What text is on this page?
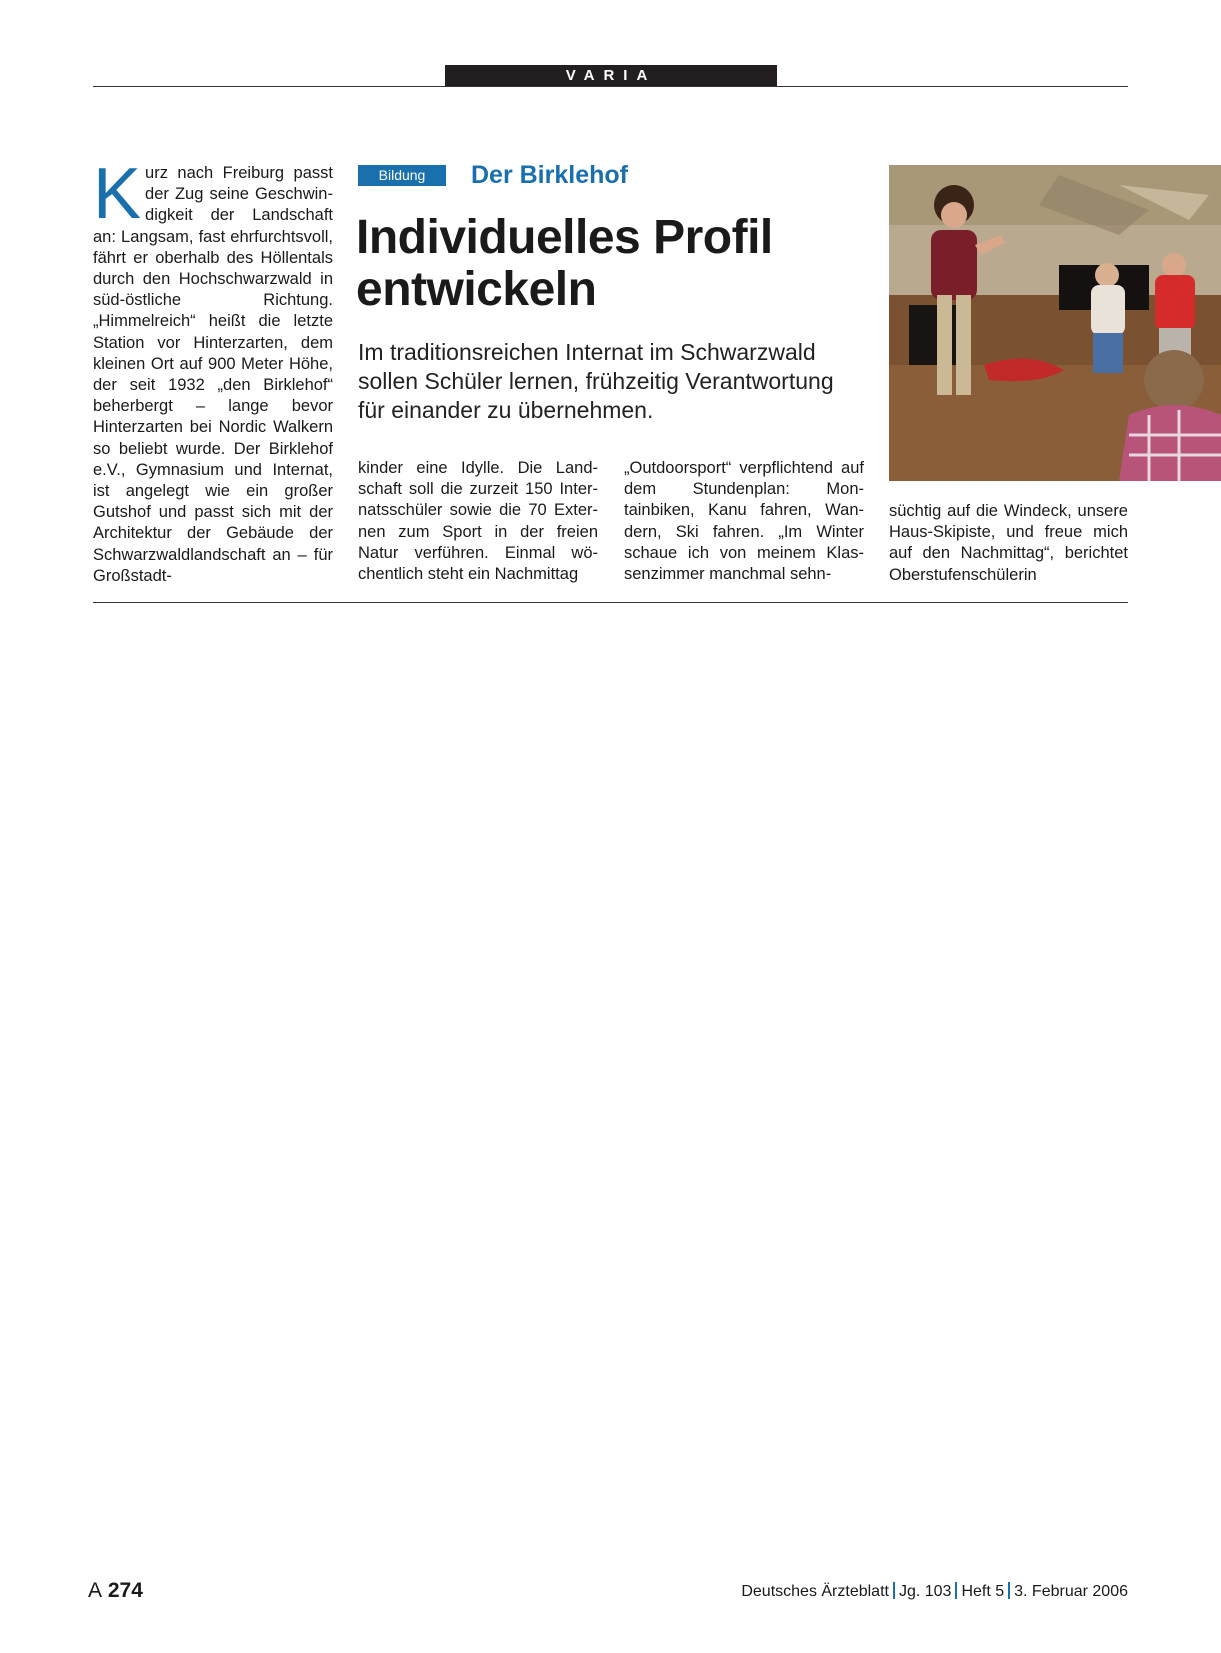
VARIA

Kurz nach Freiburg passt der Zug seine Geschwindigkeit der Landschaft an: Langsam, fast ehrfurchtsvoll, fährt er oberhalb des Höllentals durch den Hochschwarzwald in süd-östliche Richtung. „Himmelreich“ heißt die letzte Station vor Hinterzarten, dem kleinen Ort auf 900 Meter Höhe, der seit 1932 „den Birklehof“ beherbergt – lange bevor Hinterzarten bei Nordic Walkern so beliebt wurde. Der Birklehof e.V., Gymnasium und Internat, ist angelegt wie ein großer Gutshof und passt sich mit der Architektur der Gebäude der Schwarzwaldlandschaft an – für Großstadt-

Bildung	Der Birklehof
Individuelles Profil
entwickeln

Im traditionsreichen Internat im Schwarzwald sollen Schüler lernen, frühzeitig Verantwortung für einander zu übernehmen.

kinder eine Idylle. Die Landschaft soll die zurzeit 150 Internatsschüler sowie die 70 Externen zum Sport in der freien Natur verführen. Einmal wöchentlich steht ein Nachmittag

„Outdoorsport“ verpflichtend auf dem Stundenplan: Montainbiken, Kanu fahren, Wandern, Ski fahren. „Im Winter schaue ich von meinem Klassenzimmer manchmal sehn-

süchtig auf die Windeck, unsere Haus-Skipiste, und freue mich auf den Nachmittag“, berichtet Oberstufenschülerin

A 274	Deutsches Ärzteblatt Jg. 103 Heft 5 3. Februar 2006
